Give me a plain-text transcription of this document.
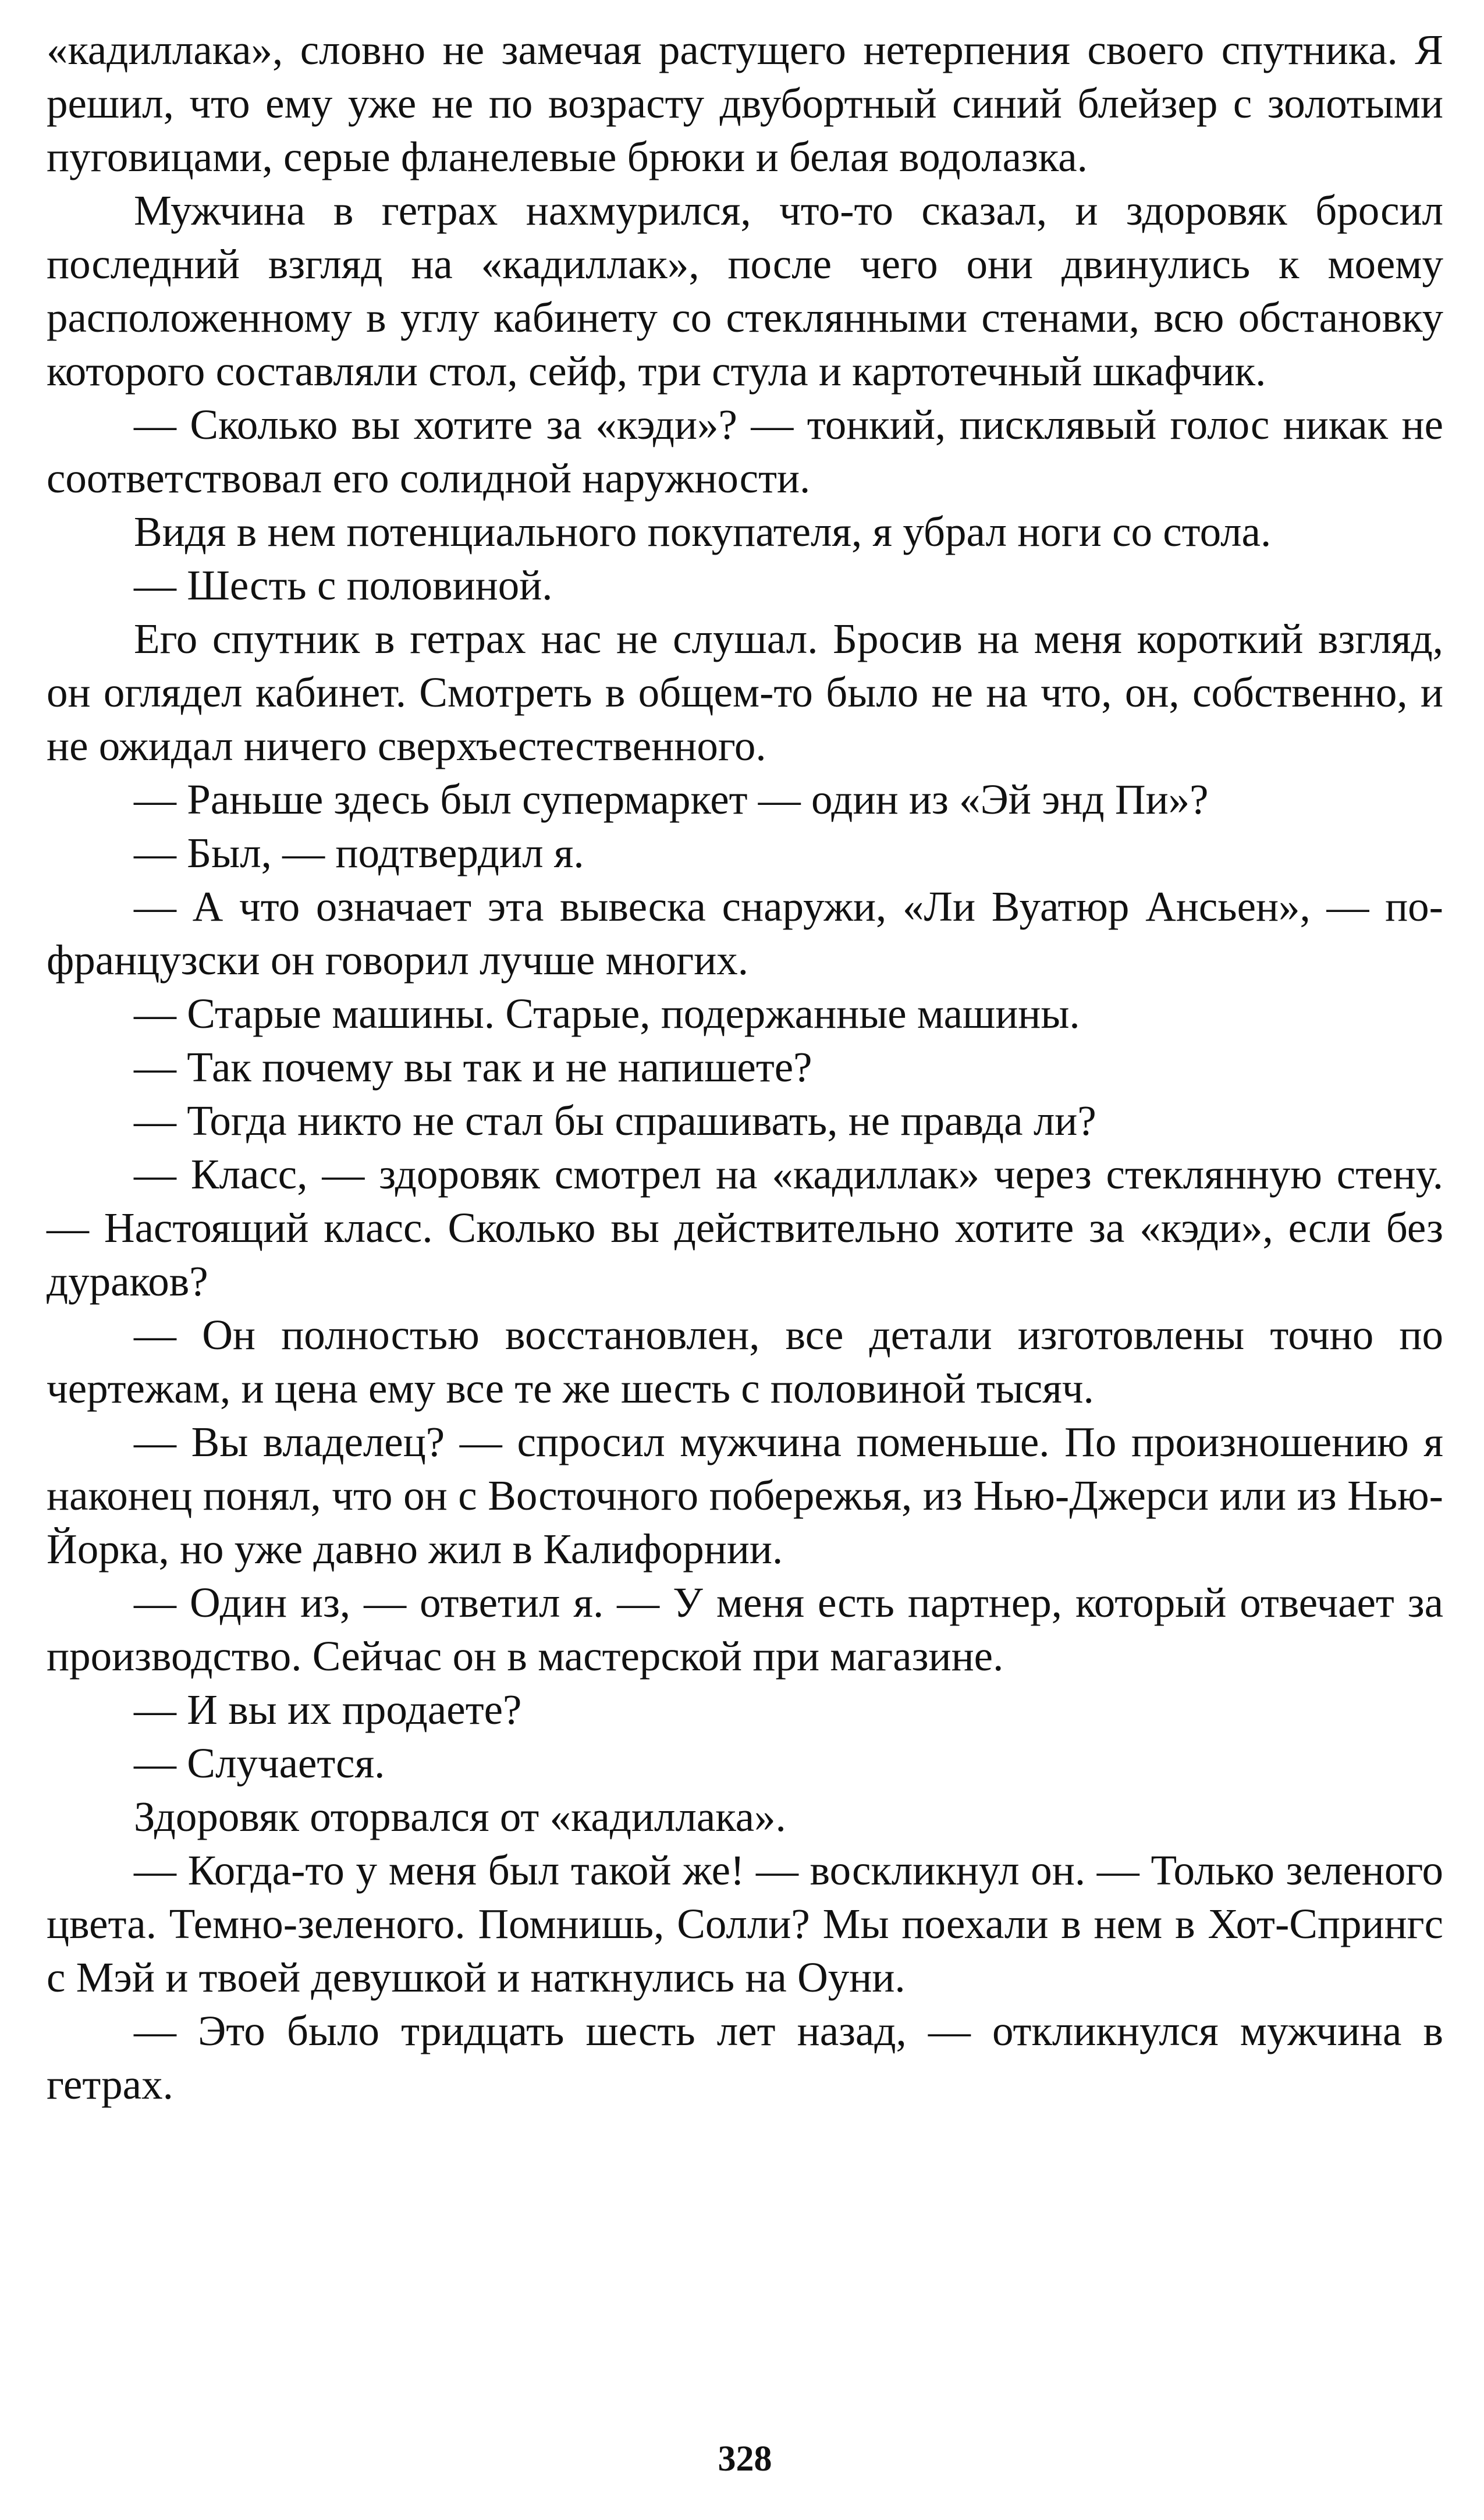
«кадиллака», словно не замечая растущего нетерпения своего спутника. Я решил, что ему уже не по возрасту двубортный синий блейзер с золотыми пуговицами, серые фланелевые брюки и белая водолазка.

Мужчина в гетрах нахмурился, что-то сказал, и здоровяк бросил последний взгляд на «кадиллак», после чего они двинулись к моему расположенному в углу кабинету со стеклянными стенами, всю обстановку которого составляли стол, сейф, три стула и картотечный шкафчик.

— Сколько вы хотите за «кэди»? — тонкий, писклявый голос никак не соответствовал его солидной наружности.

Видя в нем потенциального покупателя, я убрал ноги со стола.

— Шесть с половиной.

Его спутник в гетрах нас не слушал. Бросив на меня короткий взгляд, он оглядел кабинет. Смотреть в общем-то было не на что, он, собственно, и не ожидал ничего сверхъестественного.

— Раньше здесь был супермаркет — один из «Эй энд Пи»?

— Был, — подтвердил я.

— А что означает эта вывеска снаружи, «Ли Вуатюр Ансьен», — по-французски он говорил лучше многих.

— Старые машины. Старые, подержанные машины.

— Так почему вы так и не напишете?

— Тогда никто не стал бы спрашивать, не правда ли?

— Класс, — здоровяк смотрел на «кадиллак» через стеклянную стену. — Настоящий класс. Сколько вы действительно хотите за «кэди», если без дураков?

— Он полностью восстановлен, все детали изготовлены точно по чертежам, и цена ему все те же шесть с половиной тысяч.

— Вы владелец? — спросил мужчина поменьше. По произношению я наконец понял, что он с Восточного побережья, из Нью-Джерси или из Нью-Йорка, но уже давно жил в Калифорнии.

— Один из, — ответил я. — У меня есть партнер, который отвечает за производство. Сейчас он в мастерской при магазине.

— И вы их продаете?

— Случается.

Здоровяк оторвался от «кадиллака».

— Когда-то у меня был такой же! — воскликнул он. — Только зеленого цвета. Темно-зеленого. Помнишь, Солли? Мы поехали в нем в Хот-Спрингс с Мэй и твоей девушкой и наткнулись на Оуни.

— Это было тридцать шесть лет назад, — откликнулся мужчина в гетрах.

328
